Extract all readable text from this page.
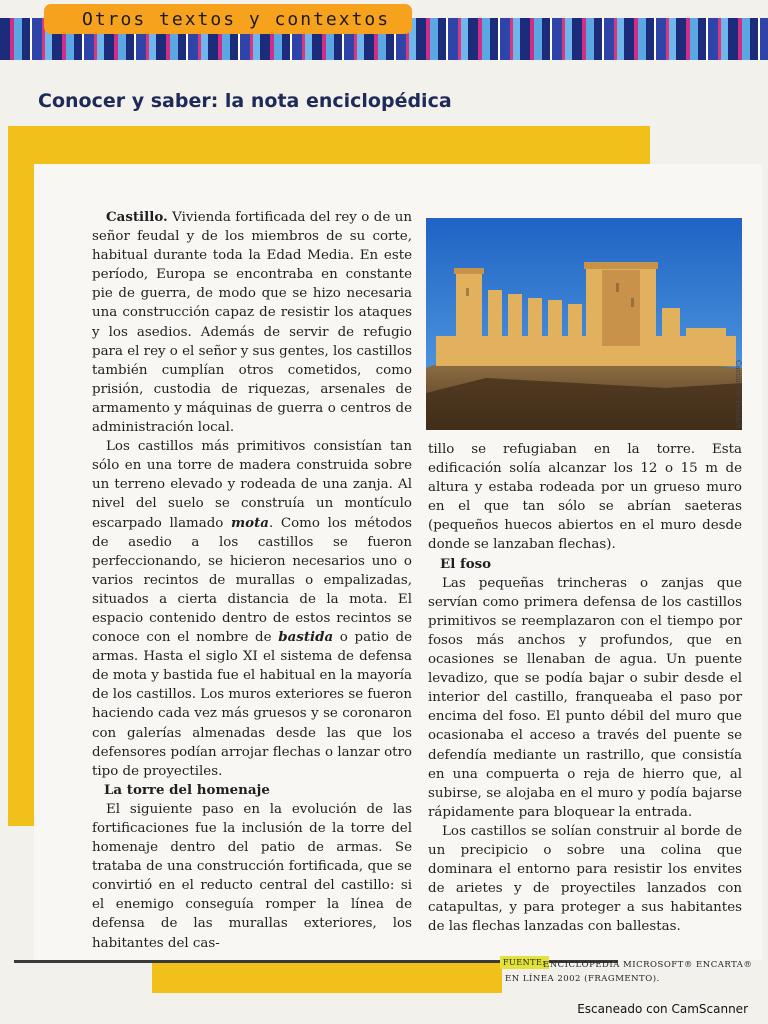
Otros textos y contextos
Conocer y saber: la nota enciclopédica

Castillo. Vivienda fortificada del rey o de un señor feudal y de los miembros de su corte, habitual durante toda la Edad Media. En este período, Europa se encontraba en constante pie de guerra, de modo que se hizo necesaria una construcción capaz de resistir los ataques y los asedios. Además de servir de refugio para el rey o el señor y sus gentes, los castillos también cumplían otros cometidos, como prisión, custodia de riquezas, arsenales de armamento y máquinas de guerra o centros de administración local.

Los castillos más primitivos consistían tan sólo en una torre de madera construida sobre un terreno elevado y rodeada de una zanja. Al nivel del suelo se construía un montículo escarpado llamado mota. Como los métodos de asedio a los castillos se fueron perfeccionando, se hicieron necesarios uno o varios recintos de murallas o empalizadas, situados a cierta distancia de la mota. El espacio contenido dentro de estos recintos se conoce con el nombre de bastida o patio de armas. Hasta el siglo XI el sistema de defensa de mota y bastida fue el habitual en la mayoría de los castillos. Los muros exteriores se fueron haciendo cada vez más gruesos y se coronaron con galerías almenadas desde las que los defensores podían arrojar flechas o lanzar otro tipo de proyectiles.

La torre del homenaje

El siguiente paso en la evolución de las fortificaciones fue la inclusión de la torre del homenaje dentro del patio de armas. Se trataba de una construcción fortificada, que se convirtió en el reducto central del castillo: si el enemigo conseguía romper la línea de defensa de las murallas exteriores, los habitantes del cas-

Castillo de Peñafiel

tillo se refugiaban en la torre. Esta edificación solía alcanzar los 12 o 15 m de altura y estaba rodeada por un grueso muro en el que tan sólo se abrían saeteras (pequeños huecos abiertos en el muro desde donde se lanzaban flechas).

El foso

Las pequeñas trincheras o zanjas que servían como primera defensa de los castillos primitivos se reemplazaron con el tiempo por fosos más anchos y profundos, que en ocasiones se llenaban de agua. Un puente levadizo, que se podía bajar o subir desde el interior del castillo, franqueaba el paso por encima del foso. El punto débil del muro que ocasionaba el acceso a través del puente se defendía mediante un rastrillo, que consistía en una compuerta o reja de hierro que, al subirse, se alojaba en el muro y podía bajarse rápidamente para bloquear la entrada.

Los castillos se solían construir al borde de un precipicio o sobre una colina que dominara el entorno para resistir los envites de arietes y de proyectiles lanzados con catapultas, y para proteger a sus habitantes de las flechas lanzadas con ballestas.

FUENTE:
ENCICLOPEDIA MICROSOFT® ENCARTA® EN LÍNEA 2002 (FRAGMENTO).
Escaneado con CamScanner
